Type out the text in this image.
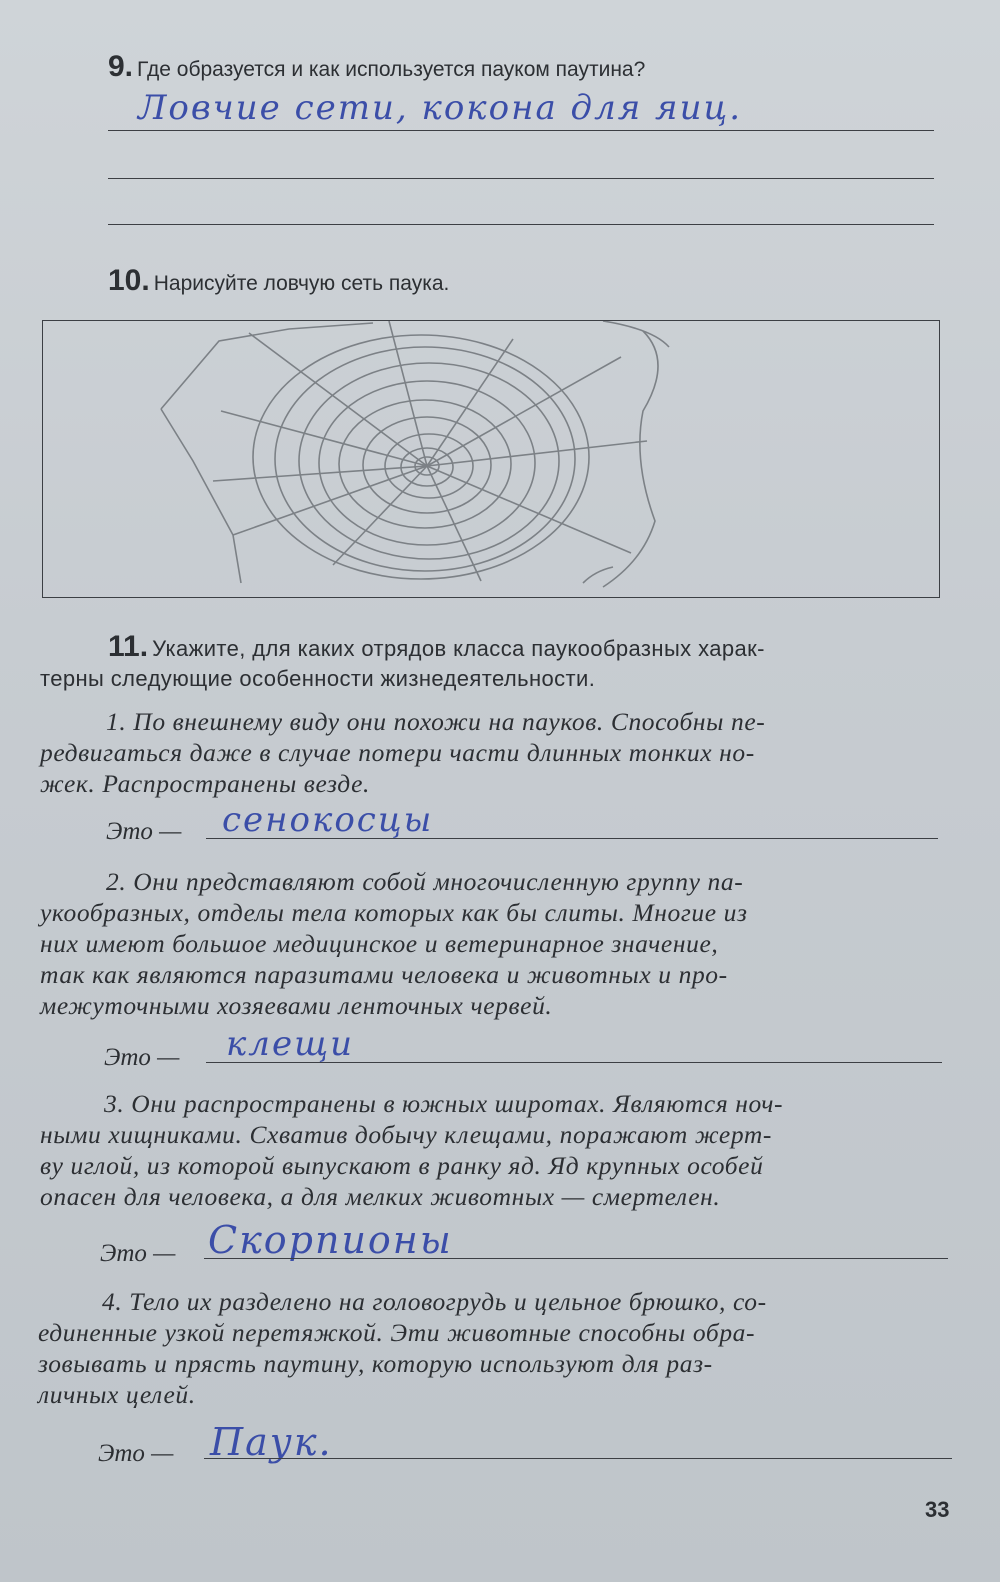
9. Где образуется и как используется пауком паутина?
Ловчие сети, кокона для яиц.
10. Нарисуйте ловчую сеть паука.
11. Укажите, для каких отрядов класса паукообразных харак-
терны следующие особенности жизнедеятельности.
1. По внешнему виду они похожи на пауков. Способны пе-
редвигаться даже в случае потери части длинных тонких но-
жек. Распространены везде.
Это — сенокосцы
2. Они представляют собой многочисленную группу па-
укообразных, отделы тела которых как бы слиты. Многие из
них имеют большое медицинское и ветеринарное значение,
так как являются паразитами человека и животных и про-
межуточными хозяевами ленточных червей.
Это — клещи
3. Они распространены в южных широтах. Являются ноч-
ными хищниками. Схватив добычу клещами, поражают жерт-
ву иглой, из которой выпускают в ранку яд. Яд крупных особей
опасен для человека, а для мелких животных — смертелен.
Это — Скорпионы
4. Тело их разделено на головогрудь и цельное брюшко, со-
единенные узкой перетяжкой. Эти животные способны обра-
зовывать и прясть паутину, которую используют для раз-
личных целей.
Это — Паук.
33
